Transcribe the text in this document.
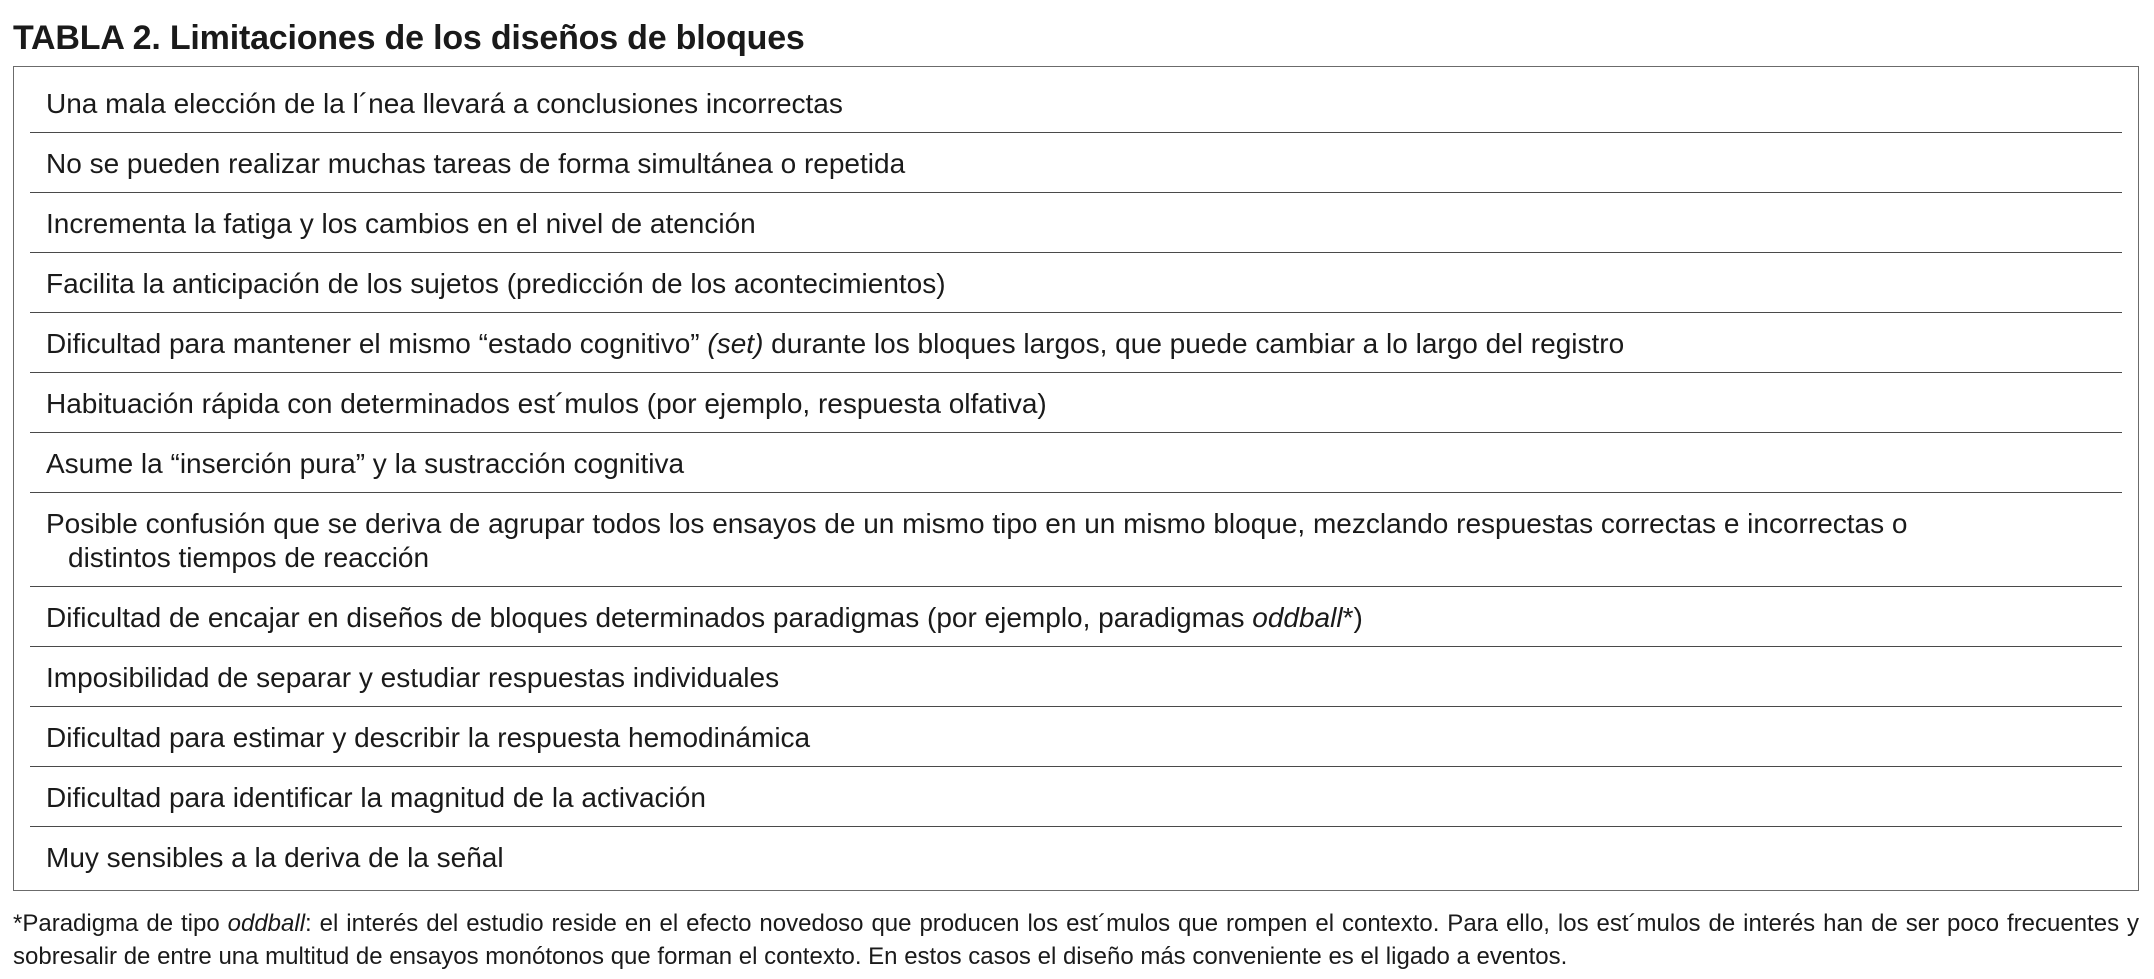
TABLA 2. Limitaciones de los diseños de bloques
Una mala elección de la l´nea llevará a conclusiones incorrectas
No se pueden realizar muchas tareas de forma simultánea o repetida
Incrementa la fatiga y los cambios en el nivel de atención
Facilita la anticipación de los sujetos (predicción de los acontecimientos)
Dificultad para mantener el mismo “estado cognitivo” (set) durante los bloques largos, que puede cambiar a lo largo del registro
Habituación rápida con determinados est´mulos (por ejemplo, respuesta olfativa)
Asume la “inserción pura” y la sustracción cognitiva
Posible confusión que se deriva de agrupar todos los ensayos de un mismo tipo en un mismo bloque, mezclando respuestas correctas e incorrectas o
distintos tiempos de reacción
Dificultad de encajar en diseños de bloques determinados paradigmas (por ejemplo, paradigmas oddball*)
Imposibilidad de separar y estudiar respuestas individuales
Dificultad para estimar y describir la respuesta hemodinámica
Dificultad para identificar la magnitud de la activación
Muy sensibles a la deriva de la señal
*Paradigma de tipo oddball: el interés del estudio reside en el efecto novedoso que producen los est´mulos que rompen el contexto. Para ello, los est´mulos de interés han de ser poco frecuentes y sobresalir de entre una multitud de ensayos monótonos que forman el contexto. En estos casos el diseño más conveniente es el ligado a eventos.
